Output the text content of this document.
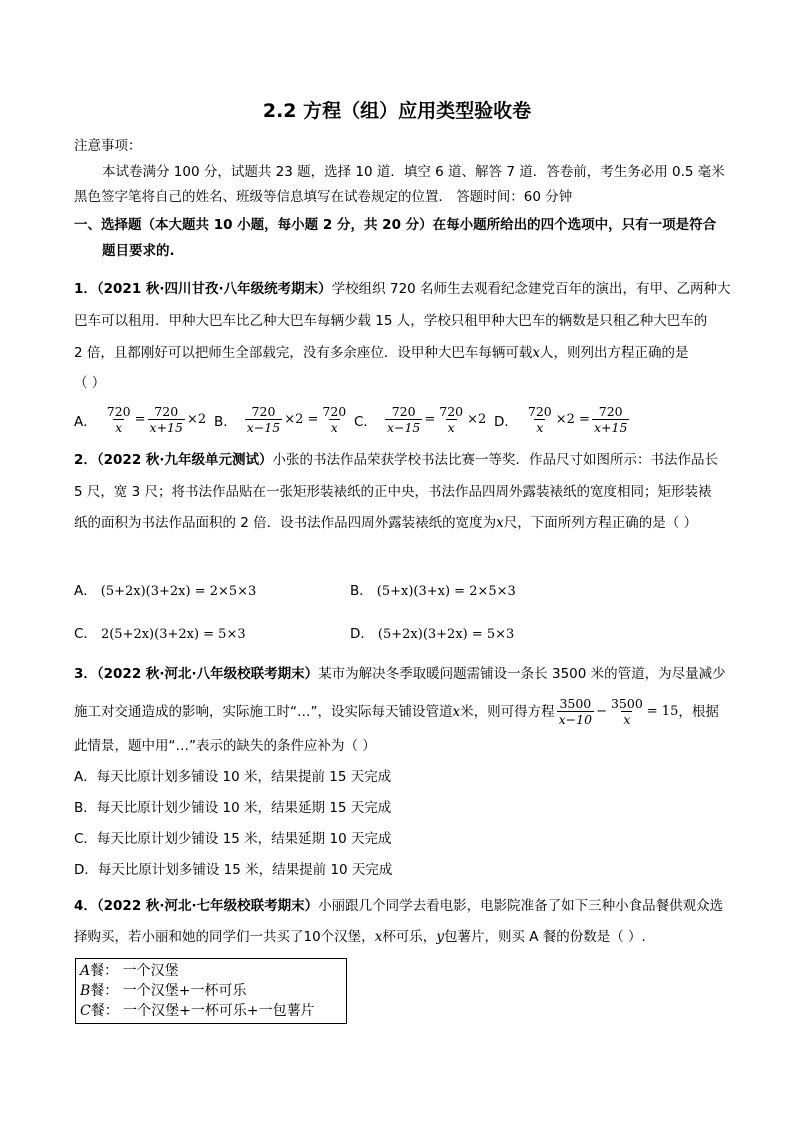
2.2 方程（组）应用类型验收卷
注意事项：
本试卷满分 100 分，试题共 23 题，选择 10 道．填空 6 道、解答 7 道．答卷前，考生务必用 0.5 毫米
黑色签字笔将自己的姓名、班级等信息填写在试卷规定的位置． 答题时间：60 分钟
一、选择题（本大题共 10 小题，每小题 2 分，共 20 分）在每小题所给出的四个选项中，只有一项是符合
题目要求的.
1．（2021 秋·四川甘孜·八年级统考期末）学校组织 720 名师生去观看纪念建党百年的演出，有甲、乙两种大
巴车可以租用．甲种大巴车比乙种大巴车每辆少载 15 人，学校只租甲种大巴车的辆数是只租乙种大巴车的
2 倍，且都刚好可以把师生全部载完，没有多余座位．设甲种大巴车每辆可载x人，则列出方程正确的是
（ ）
A． $\frac{720}{x} = \frac{720}{x+15} \times 2$ B． $\frac{720}{x-15} \times 2 = \frac{720}{x}$ C． $\frac{720}{x-15} = \frac{720}{x} \times 2$ D． $\frac{720}{x} \times 2 = \frac{720}{x+15}$
2．（2022 秋·九年级单元测试）小张的书法作品荣获学校书法比赛一等奖．作品尺寸如图所示：书法作品长
5 尺，宽 3 尺；将书法作品贴在一张矩形装裱纸的正中央，书法作品四周外露装裱纸的宽度相同；矩形装裱
纸的面积为书法作品面积的 2 倍．设书法作品四周外露装裱纸的宽度为x尺，下面所列方程正确的是（ ）
A． (5+2x)(3+2x) = 2×5×3	B． (5+x)(3+x) = 2×5×3
C． 2(5+2x)(3+2x) = 5×3	D． (5+2x)(3+2x) = 5×3
3．（2022 秋·河北·八年级校联考期末）某市为解决冬季取暖问题需铺设一条长 3500 米的管道，为尽量减少
施工对交通造成的影响，实际施工时“…”，设实际每天铺设管道 x 米，则可得方程 $\frac{3500}{x-10} - \frac{3500}{x} = 15$ ，根据
此情景，题中用“…”表示的缺失的条件应补为（ ）
A．每天比原计划多铺设 10 米，结果提前 15 天完成
B．每天比原计划少铺设 10 米，结果延期 15 天完成
C．每天比原计划少铺设 15 米，结果延期 10 天完成
D．每天比原计划多铺设 15 米，结果提前 10 天完成
4．（2022 秋·河北·七年级校联考期末）小丽跟几个同学去看电影，电影院准备了如下三种小食品餐供观众选
择购买，若小丽和她的同学们一共买了10个汉堡，x杯可乐，y包薯片，则买 A 餐的份数是（ ）.
A餐： 一个汉堡
B餐： 一个汉堡+一杯可乐
C餐： 一个汉堡+一杯可乐+一包薯片
